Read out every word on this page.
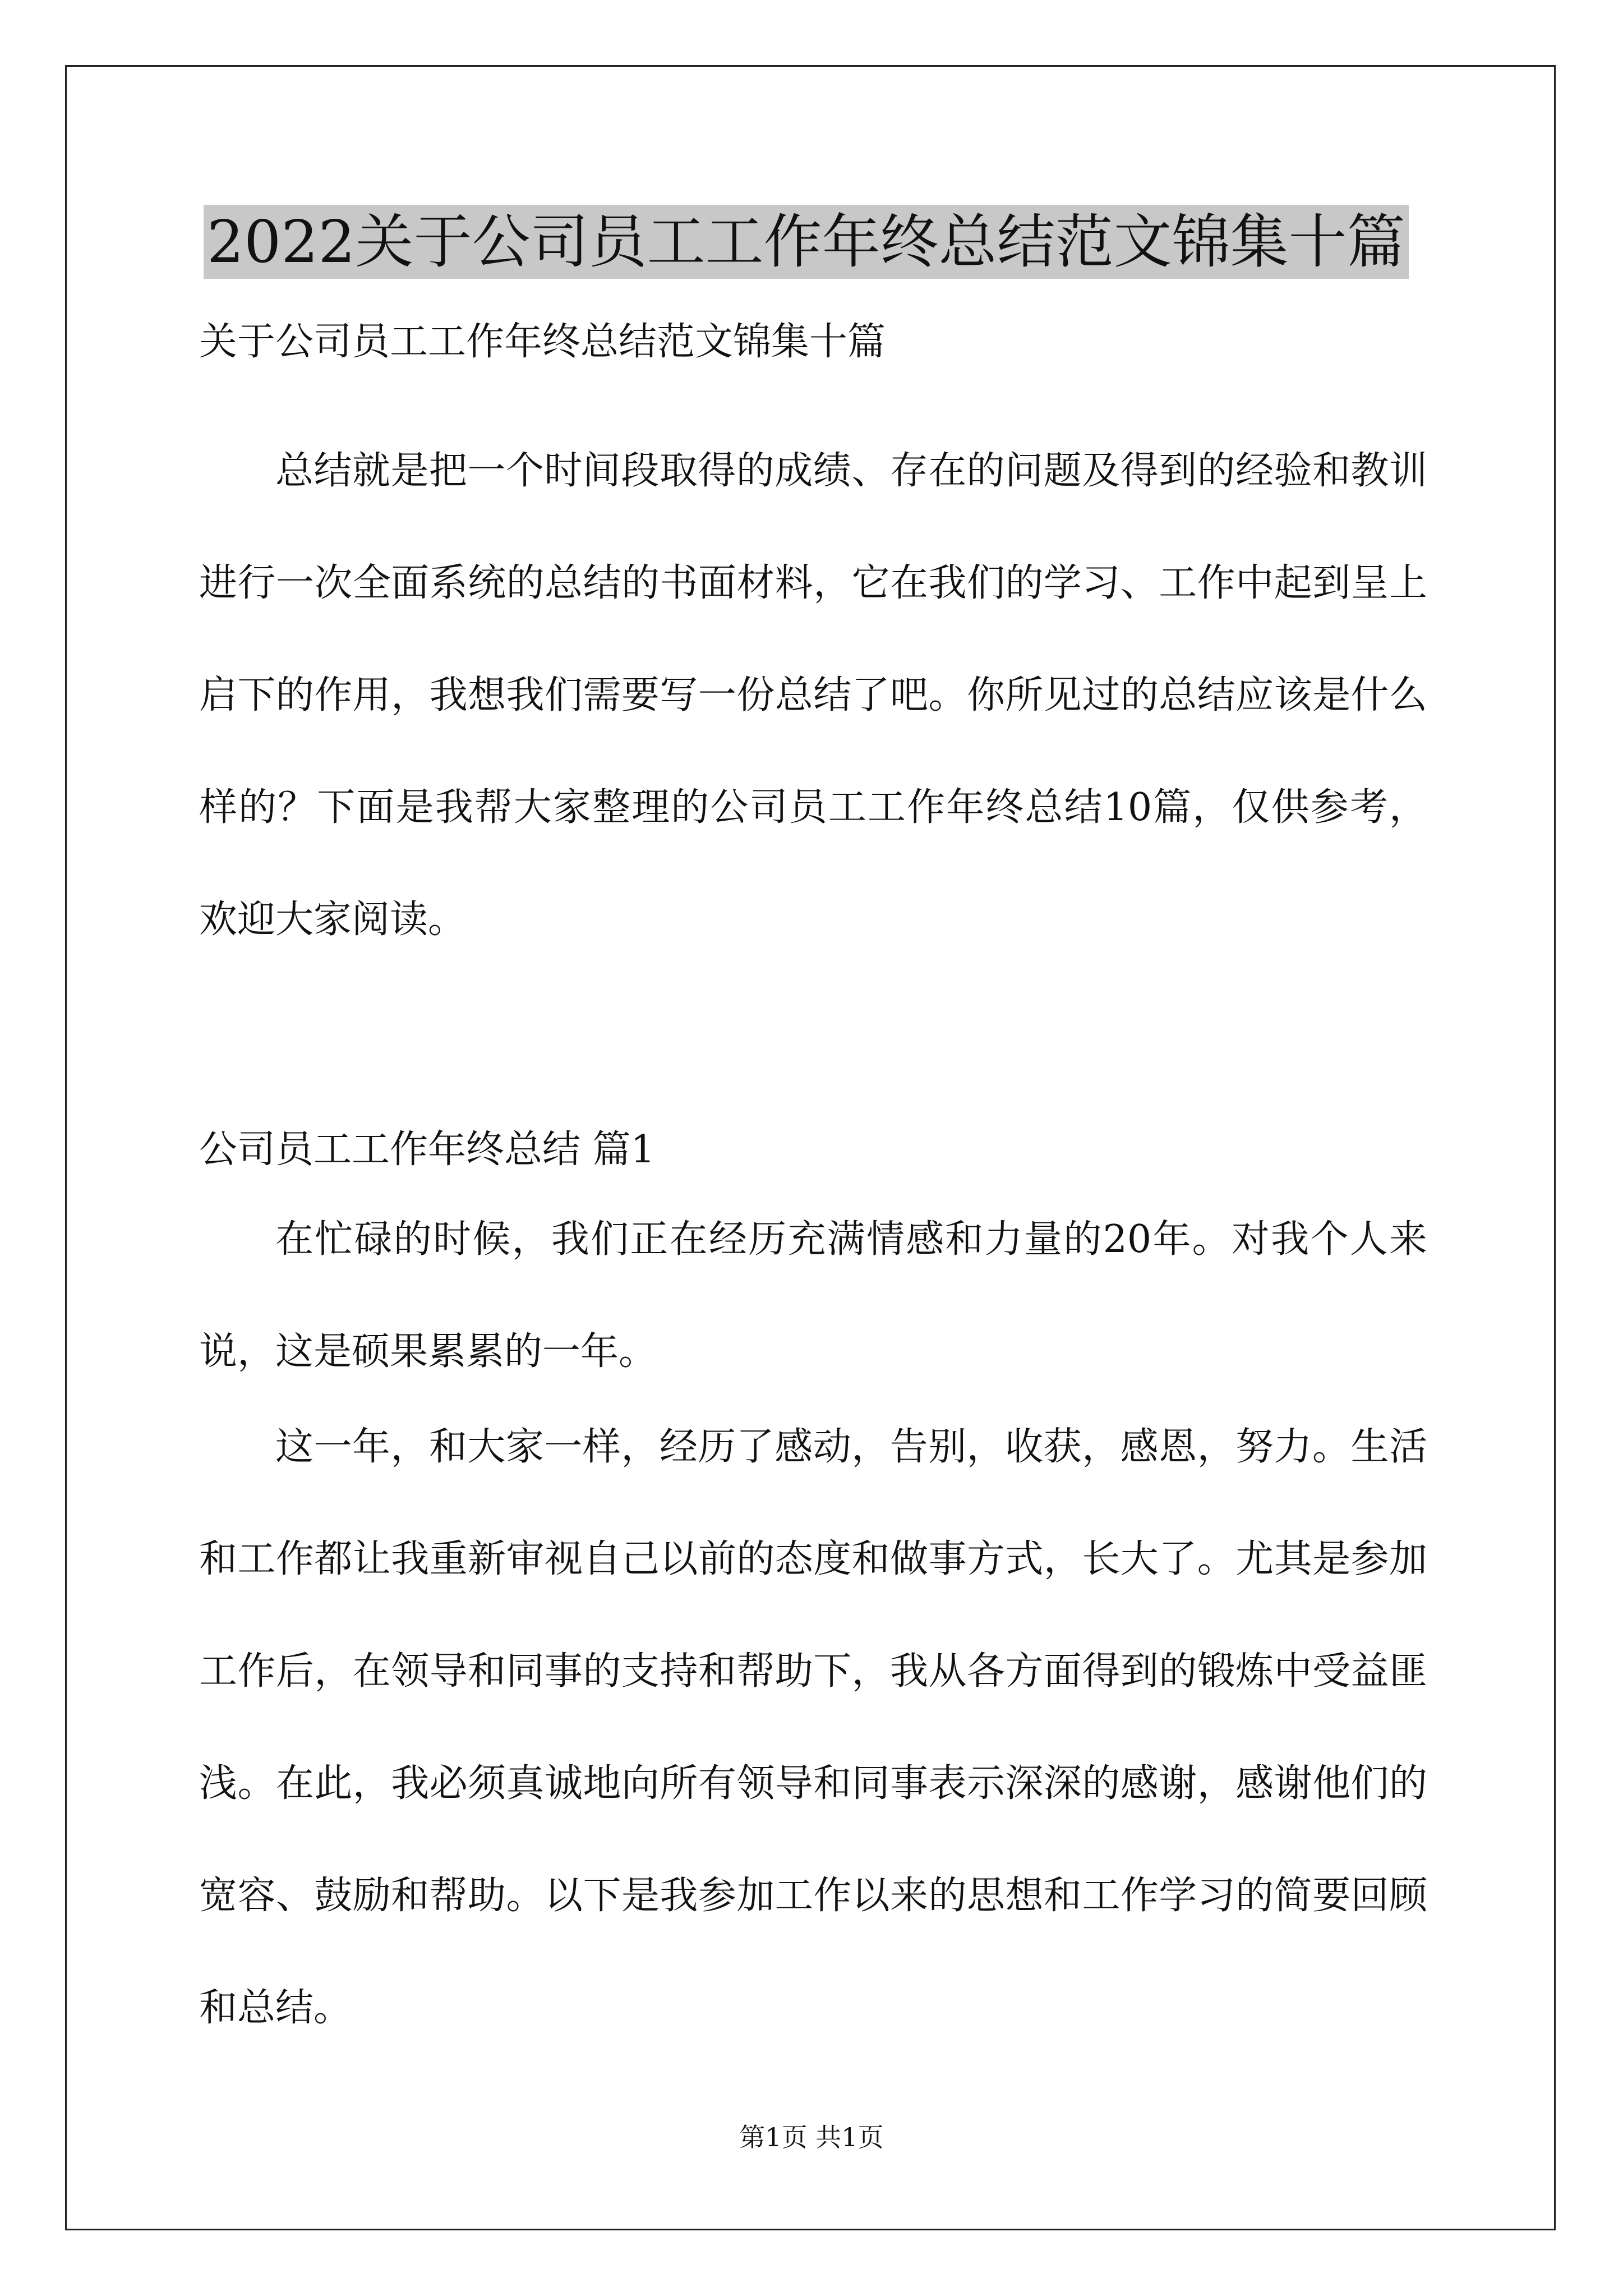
2022关于公司员工工作年终总结范文锦集十篇
关于公司员工工作年终总结范文锦集十篇

总结就是把一个时间段取得的成绩、存在的问题及得到的经验和教训进行一次全面系统的总结的书面材料，它在我们的学习、工作中起到呈上启下的作用，我想我们需要写一份总结了吧。你所见过的总结应该是什么样的？下面是我帮大家整理的公司员工工作年终总结10篇，仅供参考，欢迎大家阅读。

公司员工工作年终总结 篇1

在忙碌的时候，我们正在经历充满情感和力量的20年。对我个人来说，这是硕果累累的一年。

这一年，和大家一样，经历了感动，告别，收获，感恩，努力。生活和工作都让我重新审视自己以前的态度和做事方式，长大了。尤其是参加工作后，在领导和同事的支持和帮助下，我从各方面得到的锻炼中受益匪浅。在此，我必须真诚地向所有领导和同事表示深深的感谢，感谢他们的宽容、鼓励和帮助。以下是我参加工作以来的思想和工作学习的简要回顾和总结。

第1页 共1页
